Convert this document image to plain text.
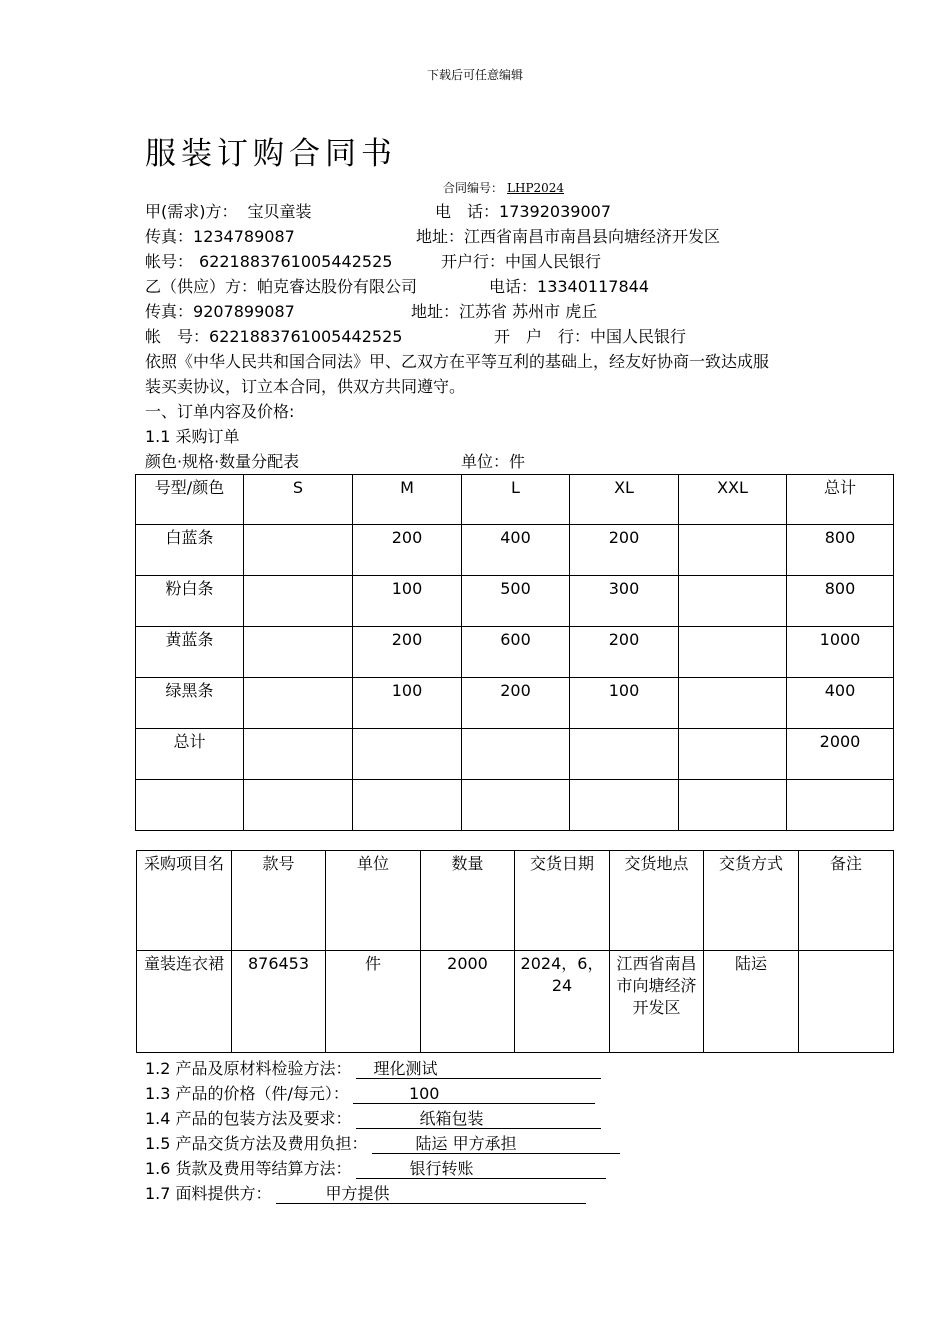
下载后可任意编辑
服装订购合同书
合同编号： LHP2024
甲(需求)方： 宝贝童装	电　话：17392039007
传真：1234789087	地址：江西省南昌市南昌县向塘经济开发区
帐号： 6221883761005442525	开户行：中国人民银行
乙（供应）方：帕克睿达股份有限公司	电话：13340117844
传真：9207899087	地址：江苏省 苏州市 虎丘
帐　号：6221883761005442525	开　户　行：中国人民银行
依照《中华人民共和国合同法》甲、乙双方在平等互利的基础上，经友好协商一致达成服
装买卖协议，订立本合同，供双方共同遵守。
一、订单内容及价格:
1.1 采购订单
颜色·规格·数量分配表	单位：件
号型/颜色	S	M	L	XL	XXL	总计

白蓝条		200	400	200		800

粉白条		100	500	300		800

黄蓝条		200	600	200		1000

绿黑条		100	200	100		400

总计						2000

采购项目名	款号	单位	数量	交货日期	交货地点	交货方式	备注

童装连衣裙	876453	件	2000	2024，6，24	江西省南昌市向塘经济开发区	陆运	

1.2 产品及原材料检验方法： 理化测试
1.3 产品的价格（件/每元）：	100
1.4 产品的包装方法及要求：	纸箱包装
1.5 产品交货方法及费用负担：	陆运 甲方承担
1.6 货款及费用等结算方法：	银行转账
1.7 面料提供方：	甲方提供
